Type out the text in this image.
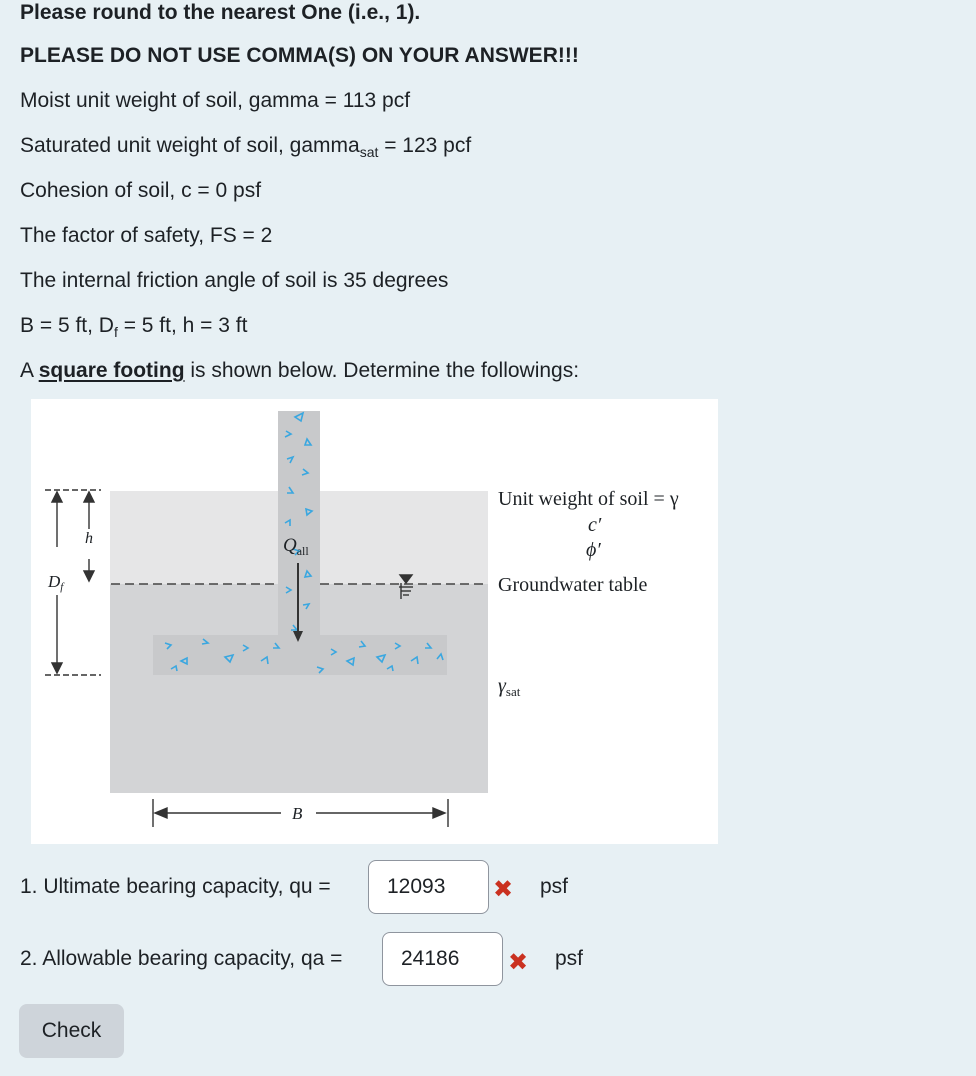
Please round to the nearest One (i.e., 1).
PLEASE DO NOT USE COMMA(S) ON YOUR ANSWER!!!
Moist unit weight of soil, gamma = 113 pcf
Saturated unit weight of soil, gamma$_{sat}$ = 123 pcf
Cohesion of soil, c = 0 psf
The factor of safety, FS = 2
The internal friction angle of soil is 35 degrees
B = 5 ft, $D_f = 5$ ft, h = 3 ft
A square footing is shown below. Determine the followings:
Unit weight of soil = γ
c′
ϕ′
Groundwater table
$\gamma_{sat}$
h
Df
$Q_{all}$
B
1. Ultimate bearing capacity, qu =
12093	✖ psf
2. Allowable bearing capacity, qa =
24186	✖ psf
Check
